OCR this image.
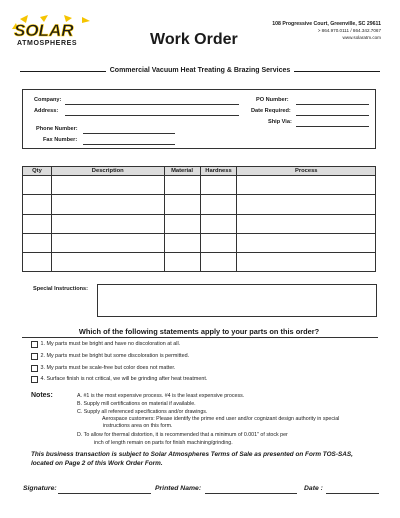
SOLAR
ATMOSPHERES	Work Order
108 Progressive Court, Greenville, SC 29611
> 864.970.0111 / 864.342.7067
www.solaratm.com
Commercial Vacuum Heat Treating & Brazing Services
Company:
Address:
Phone Number:
Fax Number:
PO Number:
Date Required:
Ship Via:
Qty	Description	Material	Hardness	Process

Special Instructions:
Which of the following statements apply to your parts on this order?
1. My parts must be bright and have no discoloration at all.
2. My parts must be bright but some discoloration is permitted.
3. My parts must be scale-free but color does not matter.
4. Surface finish is not critical, we will be grinding after heat treatment.
Notes:	A. #1 is the most expensive process. #4 is the least expensive process.
B. Supply mill certifications on material if available.
C. Supply all referenced specifications and/or drawings.
Aerospace customers: Please identify the prime end user and/or cognizant design authority in special
instructions area on this form.
D. To allow for thermal distortion, it is recommended that a minimum of 0.001" of stock per
inch of length remain on parts for finish machining/grinding.
This business transaction is subject to Solar Atmospheres Terms of Sale as presented on Form TOS-SAS,
located on Page 2 of this Work Order Form.
Signature:	Printed Name:	Date :
